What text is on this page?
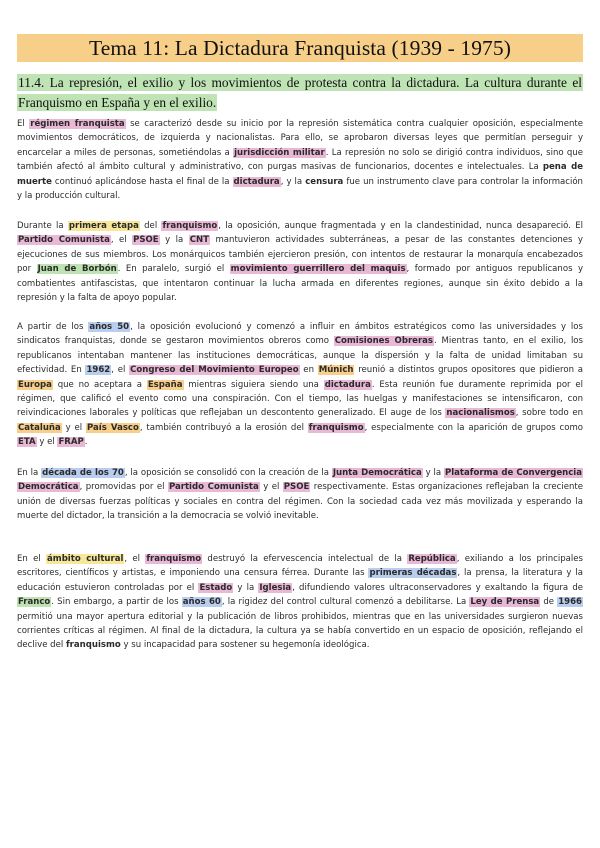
Tema 11: La Dictadura Franquista (1939 - 1975)
11.4. La represión, el exilio y los movimientos de protesta contra la dictadura. La cultura durante el Franquismo en España y en el exilio.
El régimen franquista se caracterizó desde su inicio por la represión sistemática contra cualquier oposición, especialmente movimientos democráticos, de izquierda y nacionalistas. Para ello, se aprobaron diversas leyes que permitían perseguir y encarcelar a miles de personas, sometiéndolas a jurisdicción militar. La represión no solo se dirigió contra individuos, sino que también afectó al ámbito cultural y administrativo, con purgas masivas de funcionarios, docentes e intelectuales. La pena de muerte continuó aplicándose hasta el final de la dictadura, y la censura fue un instrumento clave para controlar la información y la producción cultural.
Durante la primera etapa del franquismo, la oposición, aunque fragmentada y en la clandestinidad, nunca desapareció. El Partido Comunista, el PSOE y la CNT mantuvieron actividades subterráneas, a pesar de las constantes detenciones y ejecuciones de sus miembros. Los monárquicos también ejercieron presión, con intentos de restaurar la monarquía encabezados por Juan de Borbón. En paralelo, surgió el movimiento guerrillero del maquis, formado por antiguos republicanos y combatientes antifascistas, que intentaron continuar la lucha armada en diferentes regiones, aunque sin éxito debido a la represión y la falta de apoyo popular.
A partir de los años 50, la oposición evolucionó y comenzó a influir en ámbitos estratégicos como las universidades y los sindicatos franquistas, donde se gestaron movimientos obreros como Comisiones Obreras. Mientras tanto, en el exilio, los republicanos intentaban mantener las instituciones democráticas, aunque la dispersión y la falta de unidad limitaban su efectividad. En 1962, el Congreso del Movimiento Europeo en Múnich reunió a distintos grupos opositores que pidieron a Europa que no aceptara a España mientras siguiera siendo una dictadura. Esta reunión fue duramente reprimida por el régimen, que calificó el evento como una conspiración. Con el tiempo, las huelgas y manifestaciones se intensificaron, con reivindicaciones laborales y políticas que reflejaban un descontento generalizado. El auge de los nacionalismos, sobre todo en Cataluña y el País Vasco, también contribuyó a la erosión del franquismo, especialmente con la aparición de grupos como ETA y el FRAP.
En la década de los 70, la oposición se consolidó con la creación de la Junta Democrática y la Plataforma de Convergencia Democrática, promovidas por el Partido Comunista y el PSOE respectivamente. Estas organizaciones reflejaban la creciente unión de diversas fuerzas políticas y sociales en contra del régimen. Con la sociedad cada vez más movilizada y esperando la muerte del dictador, la transición a la democracia se volvió inevitable.
En el ámbito cultural, el franquismo destruyó la efervescencia intelectual de la República, exiliando a los principales escritores, científicos y artistas, e imponiendo una censura férrea. Durante las primeras décadas, la prensa, la literatura y la educación estuvieron controladas por el Estado y la Iglesia, difundiendo valores ultraconservadores y exaltando la figura de Franco. Sin embargo, a partir de los años 60, la rigidez del control cultural comenzó a debilitarse. La Ley de Prensa de 1966 permitió una mayor apertura editorial y la publicación de libros prohibidos, mientras que en las universidades surgieron nuevas corrientes críticas al régimen. Al final de la dictadura, la cultura ya se había convertido en un espacio de oposición, reflejando el declive del franquismo y su incapacidad para sostener su hegemonía ideológica.
